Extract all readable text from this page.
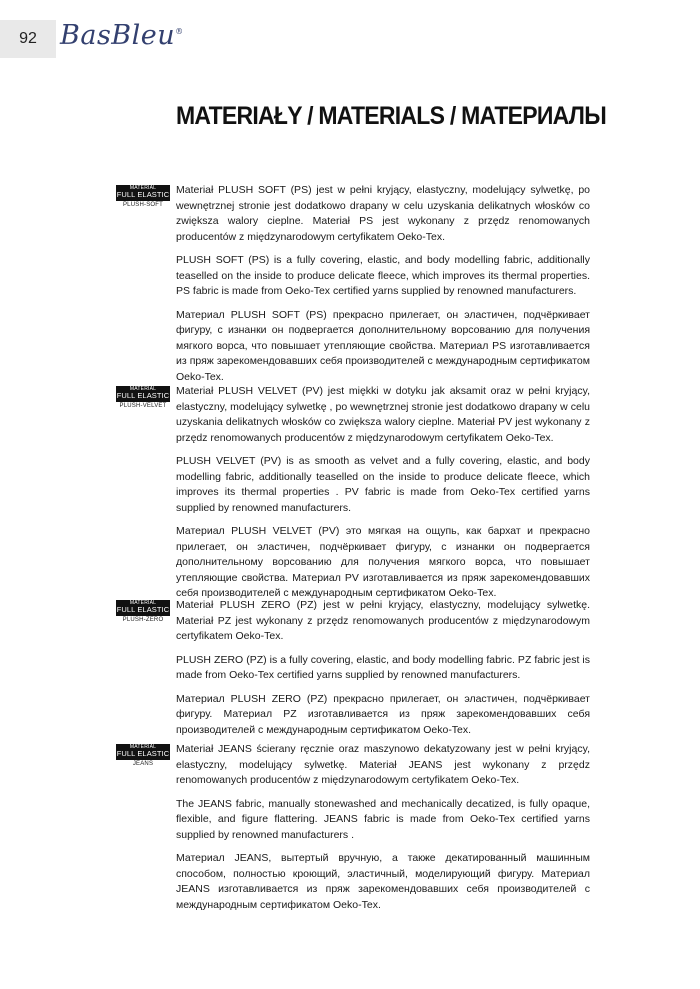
92 BasBleu®
MATERIAŁY / MATERIALS / МАТЕРИАЛЫ
MATERIAL
FULL ELASTIC
PLUSH-SOFT

Materiał PLUSH SOFT (PS) jest w pełni kryjący, elastyczny, modelujący sylwetkę, po wewnętrznej stronie jest dodatkowo drapany w celu uzyskania delikatnych włosków co zwiększa walory cieplne. Materiał PS jest wykonany z przędz renomowanych producentów z międzynarodowym certyfikatem Oeko-Tex.

PLUSH SOFT (PS) is a fully covering, elastic, and body modelling fabric, additionally teaselled on the inside to produce delicate fleece, which improves its thermal properties. PS fabric is made from Oeko-Tex certified yarns supplied by renowned manufacturers.

Материал PLUSH SOFT (PS) прекрасно прилегает, он эластичен, подчёркивает фигуру, с изнанки он подвергается дополнительному ворсованию для получения мягкого ворса, что повышает утепляющие свойства. Материал PS изготавливается из пряж зарекомендовавших себя производителей с международным сертификатом Oeko-Tex.

MATERIAL
FULL ELASTIC
PLUSH-VELVET

Materiał PLUSH VELVET (PV) jest miękki w dotyku jak aksamit oraz w pełni kryjący, elastyczny, modelujący sylwetkę , po wewnętrznej stronie jest dodatkowo drapany w celu uzyskania delikatnych włosków co zwiększa walory cieplne. Materiał PV jest wykonany z przędz renomowanych producentów z międzynarodowym certyfikatem Oeko-Tex.

PLUSH VELVET (PV) is as smooth as velvet and a fully covering, elastic, and body modelling fabric, additionally teaselled on the inside to produce delicate fleece, which improves its thermal properties . PV fabric is made from Oeko-Tex certified yarns supplied by renowned manufacturers.

Материал PLUSH VELVET (PV) это мягкая на ощупь, как бархат и прекрасно прилегает, он эластичен, подчёркивает фигуру, с изнанки он подвергается дополнительному ворсованию для получения мягкого ворса, что повышает утепляющие свойства. Материал PV изготавливается из пряж зарекомендовавших себя производителей с международным сертификатом Oeko-Tex.

MATERIAL
FULL ELASTIC
PLUSH-ZERO

Materiał PLUSH ZERO (PZ) jest w pełni kryjący, elastyczny, modelujący sylwetkę. Materiał PZ jest wykonany z przędz renomowanych producentów z międzynarodowym certyfikatem Oeko-Tex.

PLUSH ZERO (PZ) is a fully covering, elastic, and body modelling fabric. PZ fabric jest is made from Oeko-Tex certified yarns supplied by renowned manufacturers.

Материал PLUSH ZERO (PZ) прекрасно прилегает, он эластичен, подчёркивает фигуру. Материал PZ изготавливается из пряж зарекомендовавших себя производителей с международным сертификатом Oeko-Tex.

MATERIAL
FULL ELASTIC
JEANS

Materiał JEANS ścierany ręcznie oraz maszynowo dekatyzowany jest w pełni kryjący, elastyczny, modelujący sylwetkę. Materiał JEANS jest wykonany z przędz renomowanych producentów z międzynarodowym certyfikatem Oeko-Tex.

The JEANS fabric, manually stonewashed and mechanically decatized, is fully opaque, flexible, and figure flattering. JEANS fabric is made from Oeko-Tex certified yarns supplied by renowned manufacturers .

Материал JEANS, вытертый вручную, а также декатированный машинным способом, полностью кроющий, эластичный, моделирующий фигуру. Материал JEANS изготавливается из пряж зарекомендовавших себя производителей с международным сертификатом Oeko-Tex.
